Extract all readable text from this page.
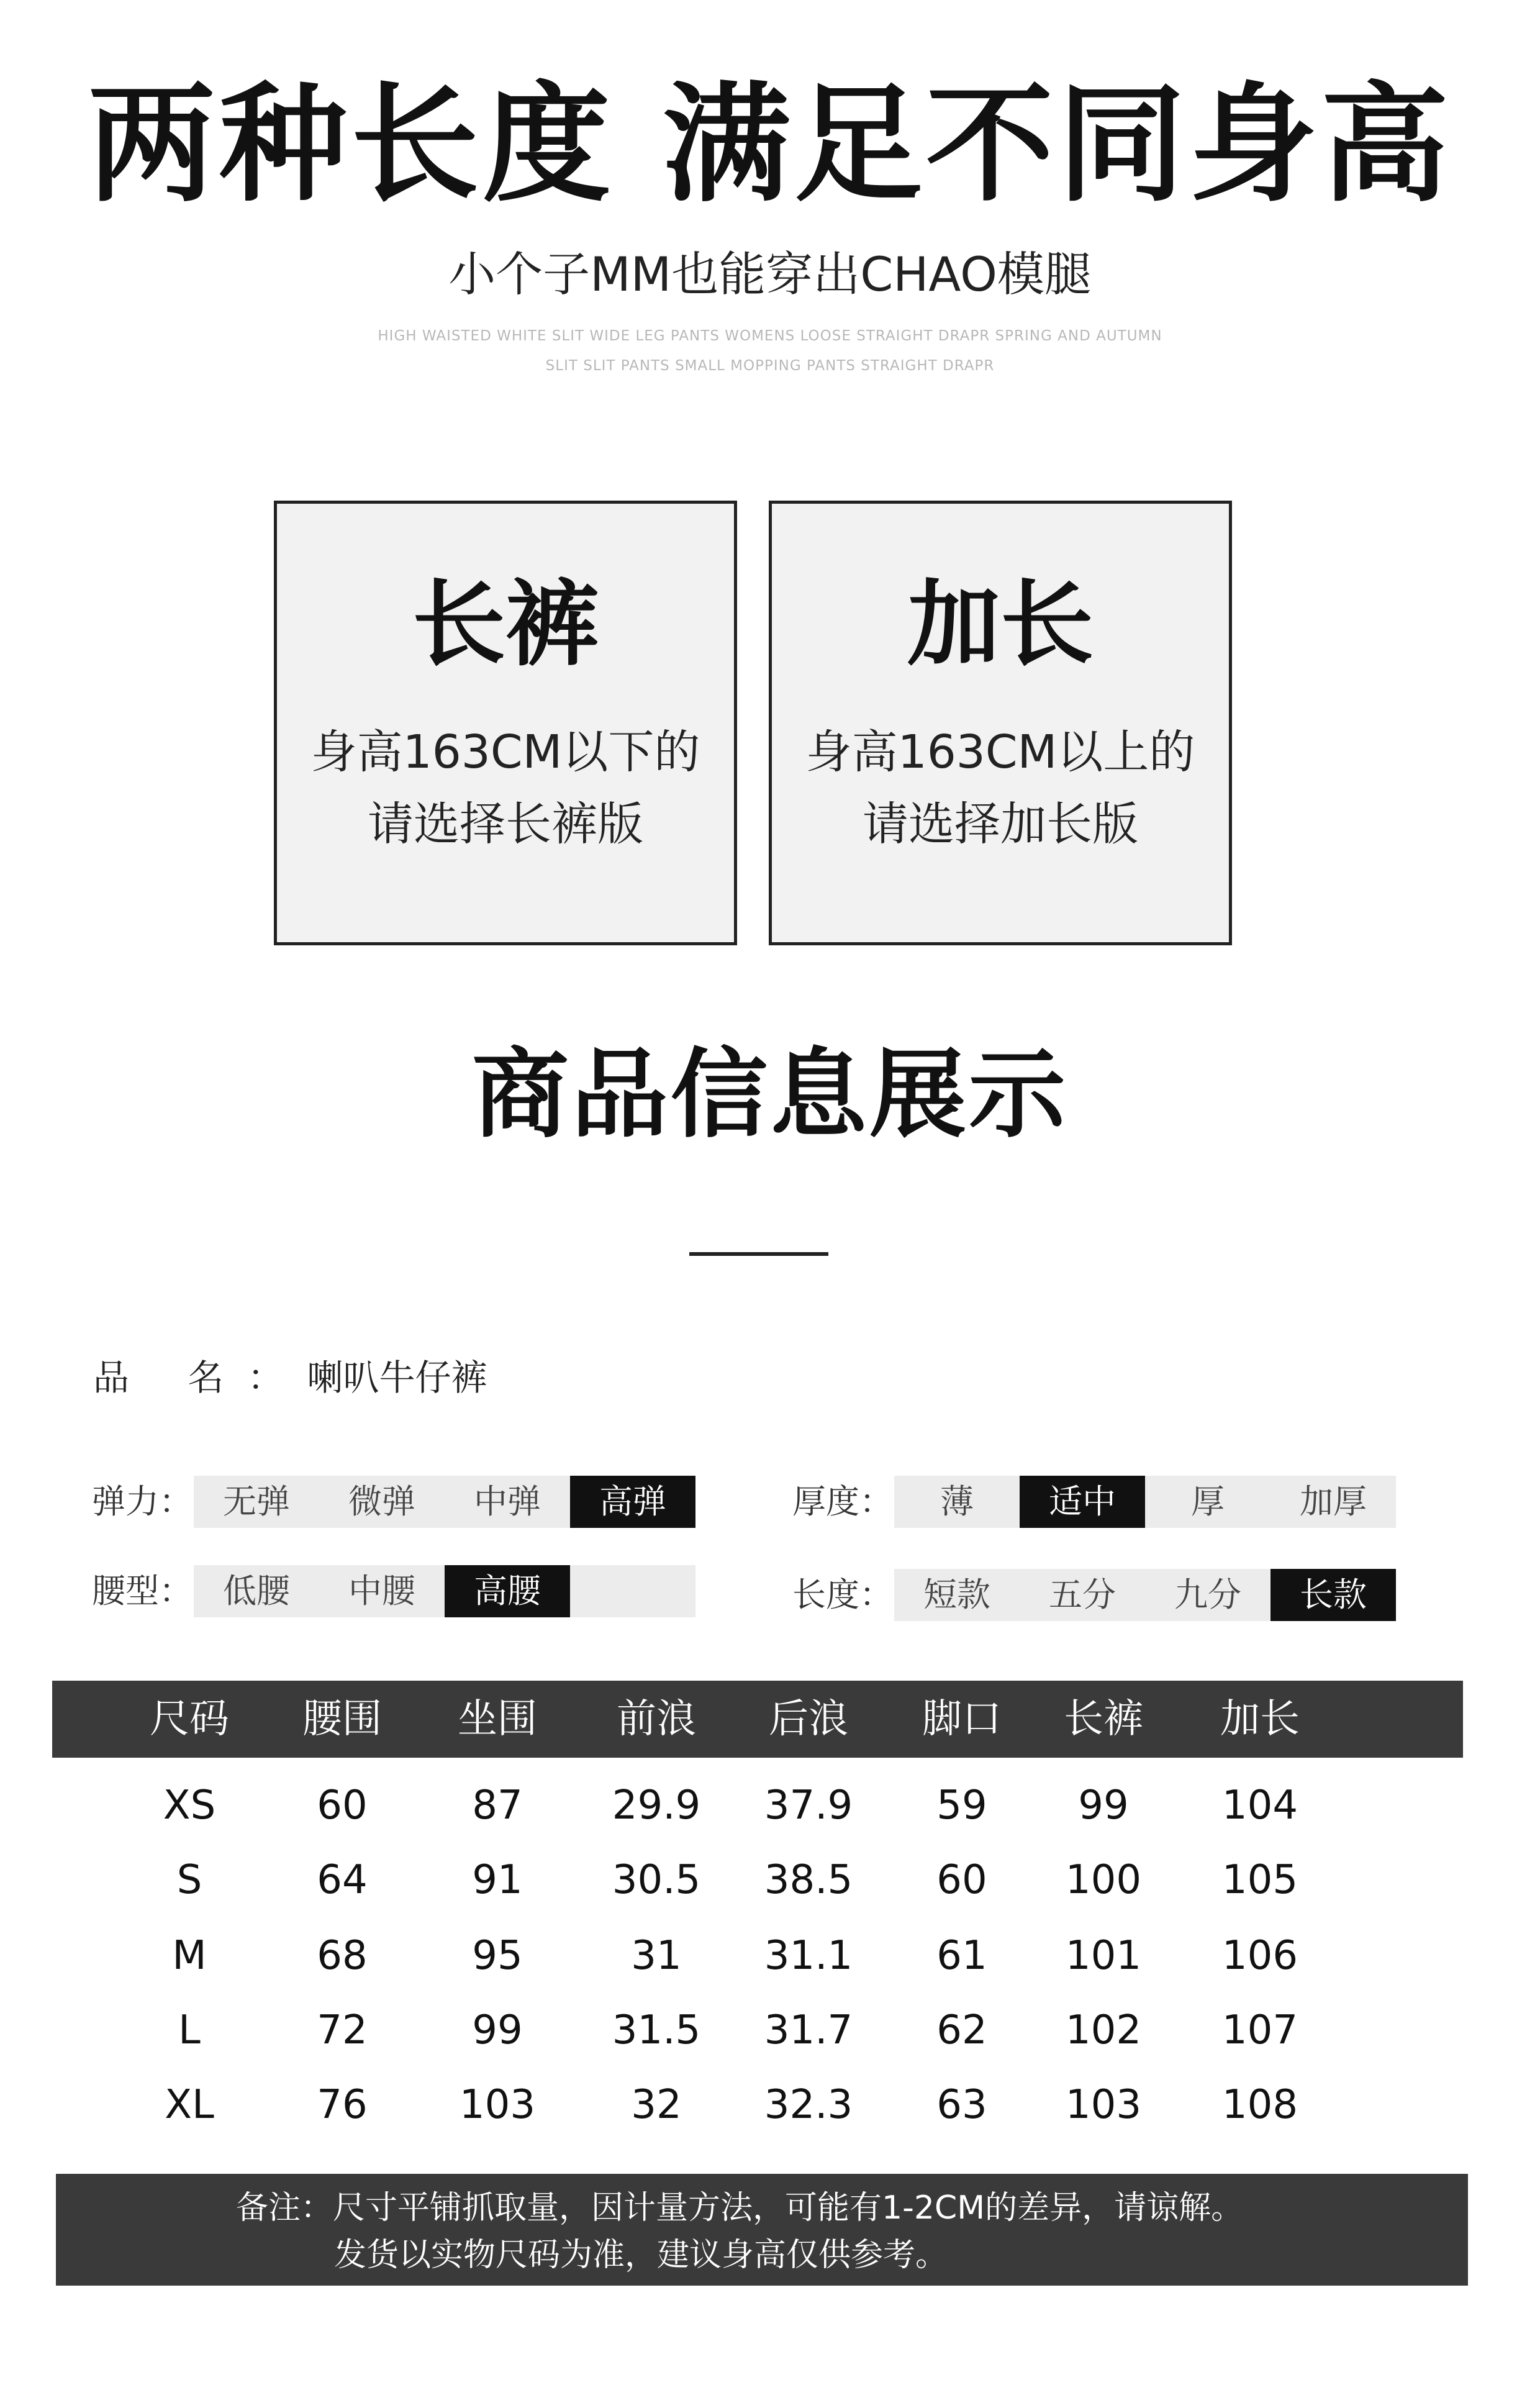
两种长度 满足不同身高
小个子MM也能穿出CHAO模腿
HIGH WAISTED WHITE SLIT WIDE LEG PANTS WOMENS LOOSE STRAIGHT DRAPR SPRING AND AUTUMN
SLIT SLIT PANTS SMALL MOPPING PANTS STRAIGHT DRAPR
长裤
身高163CM以下的
请选择长裤版
加长
身高163CM以上的
请选择加长版
商品信息展示
品 名：喇叭牛仔裤
弹力： 无弹	微弹	中弹	高弹
腰型： 低腰	中腰	高腰
厚度：	薄	适中	厚	加厚
长度： 短款	五分	九分	长款
尺码	腰围	坐围	前浪	后浪	脚口	长裤	加长
XS	60	87	29.9	37.9	59	99	104
S	64	91	30.5	38.5	60	100	105
M	68	95	31	31.1	61	101	106
L	72	99	31.5	31.7	62	102	107
XL	76	103	32	32.3	63	103	108
备注：尺寸平铺抓取量，因计量方法，可能有1-2CM的差异，请谅解。
发货以实物尺码为准，建议身高仅供参考。
